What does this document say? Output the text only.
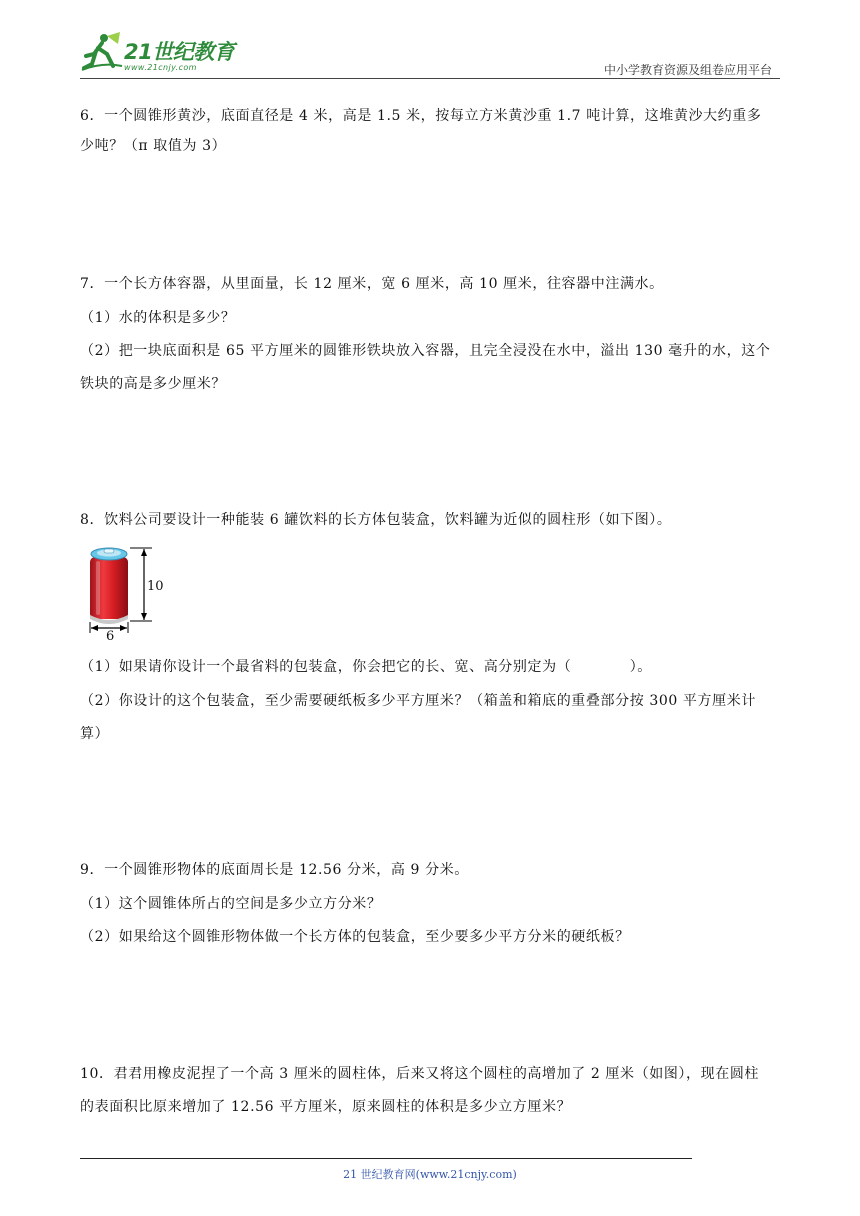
21世纪教育
www.21cnjy.com	中小学教育资源及组卷应用平台
6．一个圆锥形黄沙，底面直径是 4 米，高是 1.5 米，按每立方米黄沙重 1.7 吨计算，这堆黄沙大约重多
少吨？（π 取值为 3）
7．一个长方体容器，从里面量，长 12 厘米，宽 6 厘米，高 10 厘米，往容器中注满水。
（1）水的体积是多少？
（2）把一块底面积是 65 平方厘米的圆锥形铁块放入容器，且完全浸没在水中，溢出 130 毫升的水，这个
铁块的高是多少厘米？
8．饮料公司要设计一种能装 6 罐饮料的长方体包装盒，饮料罐为近似的圆柱形（如下图）。
10
6
（1）如果请你设计一个最省料的包装盒，你会把它的长、宽、高分别定为（　　　　）。
（2）你设计的这个包装盒，至少需要硬纸板多少平方厘米？（箱盖和箱底的重叠部分按 300 平方厘米计
算）
9．一个圆锥形物体的底面周长是 12.56 分米，高 9 分米。
（1）这个圆锥体所占的空间是多少立方分米？
（2）如果给这个圆锥形物体做一个长方体的包装盒，至少要多少平方分米的硬纸板？
10．君君用橡皮泥捏了一个高 3 厘米的圆柱体，后来又将这个圆柱的高增加了 2 厘米（如图），现在圆柱
的表面积比原来增加了 12.56 平方厘米，原来圆柱的体积是多少立方厘米？
21 世纪教育网(www.21cnjy.com)
